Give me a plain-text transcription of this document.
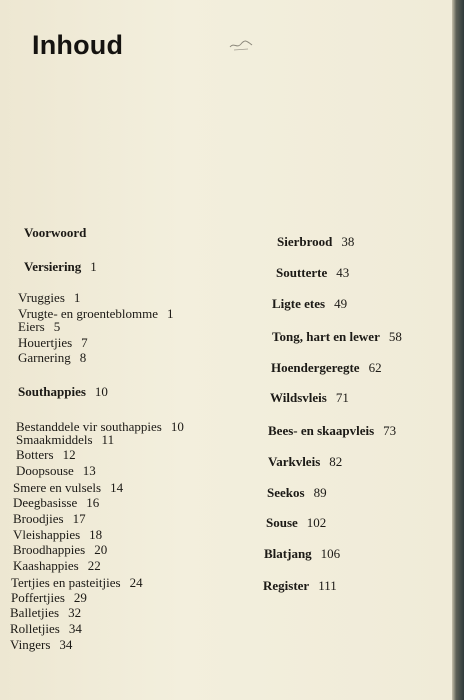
Inhoud
Voorwoord
Versiering 1
Vruggies 1
Vrugte- en groenteblomme 1
Eiers 5
Houertjies 7
Garnering 8
Southappies 10
Bestanddele vir southappies 10
Smaakmiddels 11
Botters 12
Doopsouse 13
Smere en vulsels 14
Deegbasisse 16
Broodjies 17
Vleishappies 18
Broodhappies 20
Kaashappies 22
Tertjies en pasteitjies 24
Poffertjies 29
Balletjies 32
Rolletjies 34
Vingers 34
Sierbrood 38
Soutterte 43
Ligte etes 49
Tong, hart en lewer 58
Hoendergeregte 62
Wildsvleis 71
Bees- en skaapvleis 73
Varkvleis 82
Seekos 89
Souse 102
Blatjang 106
Register 111
